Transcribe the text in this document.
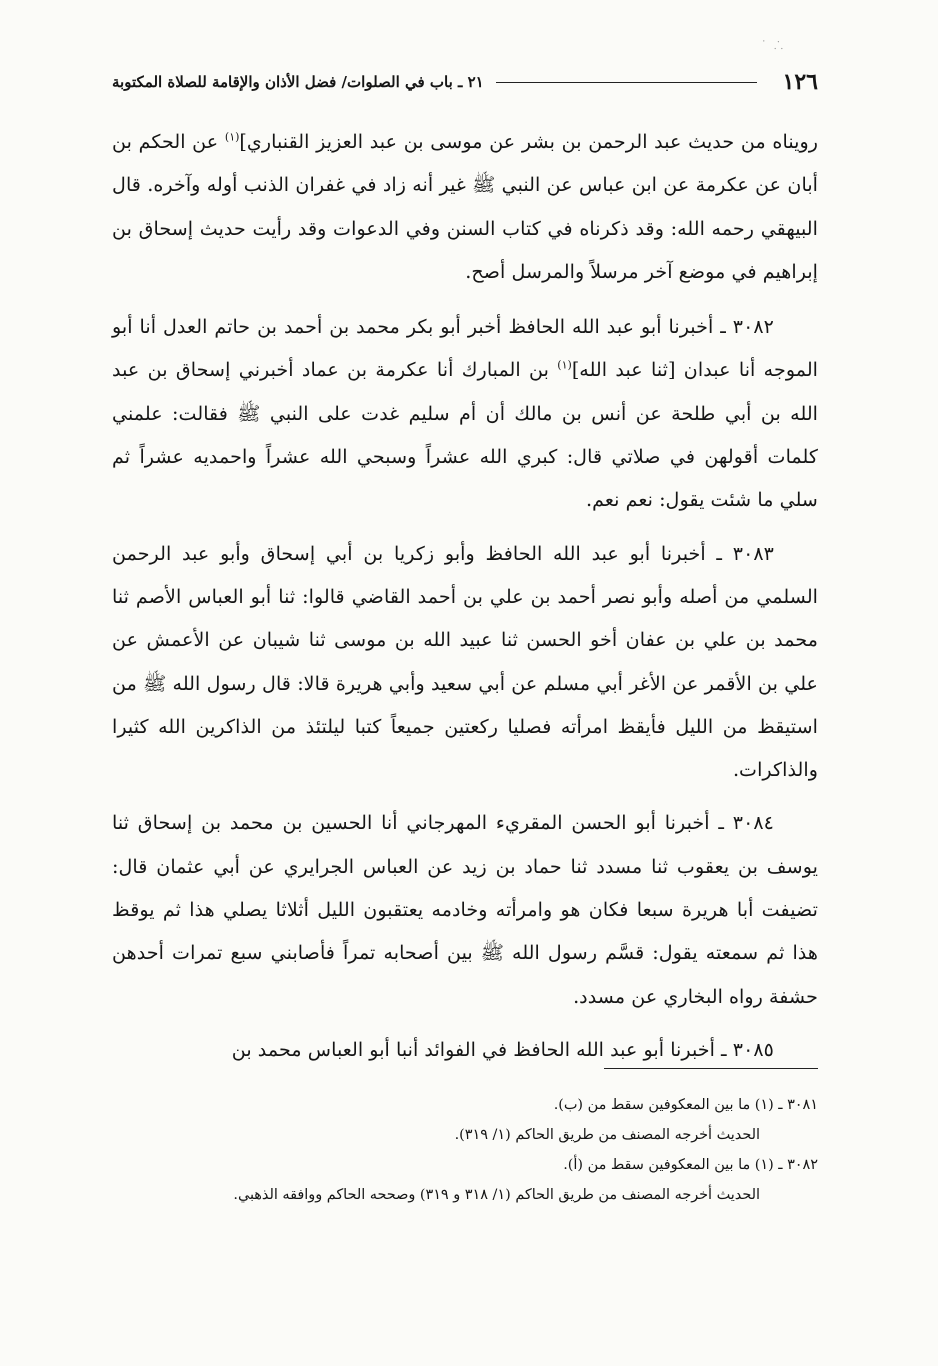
⸫ ˙
١٢٦
٢١ ـ باب في الصلوات/ فضل الأذان والإقامة للصلاة المكتوبة

رويناه من حديث عبد الرحمن بن بشر عن موسى بن عبد العزيز القنباري]$^{(١)}$ عن الحكم بن أبان عن عكرمة عن ابن عباس عن النبي ﷺ غير أنه زاد في غفران الذنب أوله وآخره. قال البيهقي رحمه الله: وقد ذكرناه في كتاب السنن وفي الدعوات وقد رأيت حديث إسحاق بن إبراهيم في موضع آخر مرسلاً والمرسل أصح.

٣٠٨٢ ـ أخبرنا أبو عبد الله الحافظ أخبر أبو بكر محمد بن أحمد بن حاتم العدل أنا أبو الموجه أنا عبدان [ثنا عبد الله]$^{(١)}$ بن المبارك أنا عكرمة بن عماد أخبرني إسحاق بن عبد الله بن أبي طلحة عن أنس بن مالك أن أم سليم غدت على النبي ﷺ فقالت: علمني كلمات أقولهن في صلاتي قال: كبري الله عشراً وسبحي الله عشراً واحمديه عشراً ثم سلي ما شئت يقول: نعم نعم.

٣٠٨٣ ـ أخبرنا أبو عبد الله الحافظ وأبو زكريا بن أبي إسحاق وأبو عبد الرحمن السلمي من أصله وأبو نصر أحمد بن علي بن أحمد القاضي قالوا: ثنا أبو العباس الأصم ثنا محمد بن علي بن عفان أخو الحسن ثنا عبيد الله بن موسى ثنا شيبان عن الأعمش عن علي بن الأقمر عن الأغر أبي مسلم عن أبي سعيد وأبي هريرة قالا: قال رسول الله ﷺ من استيقظ من الليل فأيقظ امرأته فصليا ركعتين جميعاً كتبا ليلتئذ من الذاكرين الله كثيرا والذاكرات.

٣٠٨٤ ـ أخبرنا أبو الحسن المقريء المهرجاني أنا الحسين بن محمد بن إسحاق ثنا يوسف بن يعقوب ثنا مسدد ثنا حماد بن زيد عن العباس الجرايري عن أبي عثمان قال: تضيفت أبا هريرة سبعا فكان هو وامرأته وخادمه يعتقبون الليل أثلاثا يصلي هذا ثم يوقظ هذا ثم سمعته يقول: قسَّم رسول الله ﷺ بين أصحابه تمراً فأصابني سبع تمرات أحدهن حشفة رواه البخاري عن مسدد.

٣٠٨٥ ـ أخبرنا أبو عبد الله الحافظ في الفوائد أنبا أبو العباس محمد بن

٣٠٨١ ـ (١) ما بين المعكوفين سقط من (ب).

الحديث أخرجه المصنف من طريق الحاكم (١/ ٣١٩).

٣٠٨٢ ـ (١) ما بين المعكوفين سقط من (أ).

الحديث أخرجه المصنف من طريق الحاكم (١/ ٣١٨ و ٣١٩) وصححه الحاكم ووافقه الذهبي.
